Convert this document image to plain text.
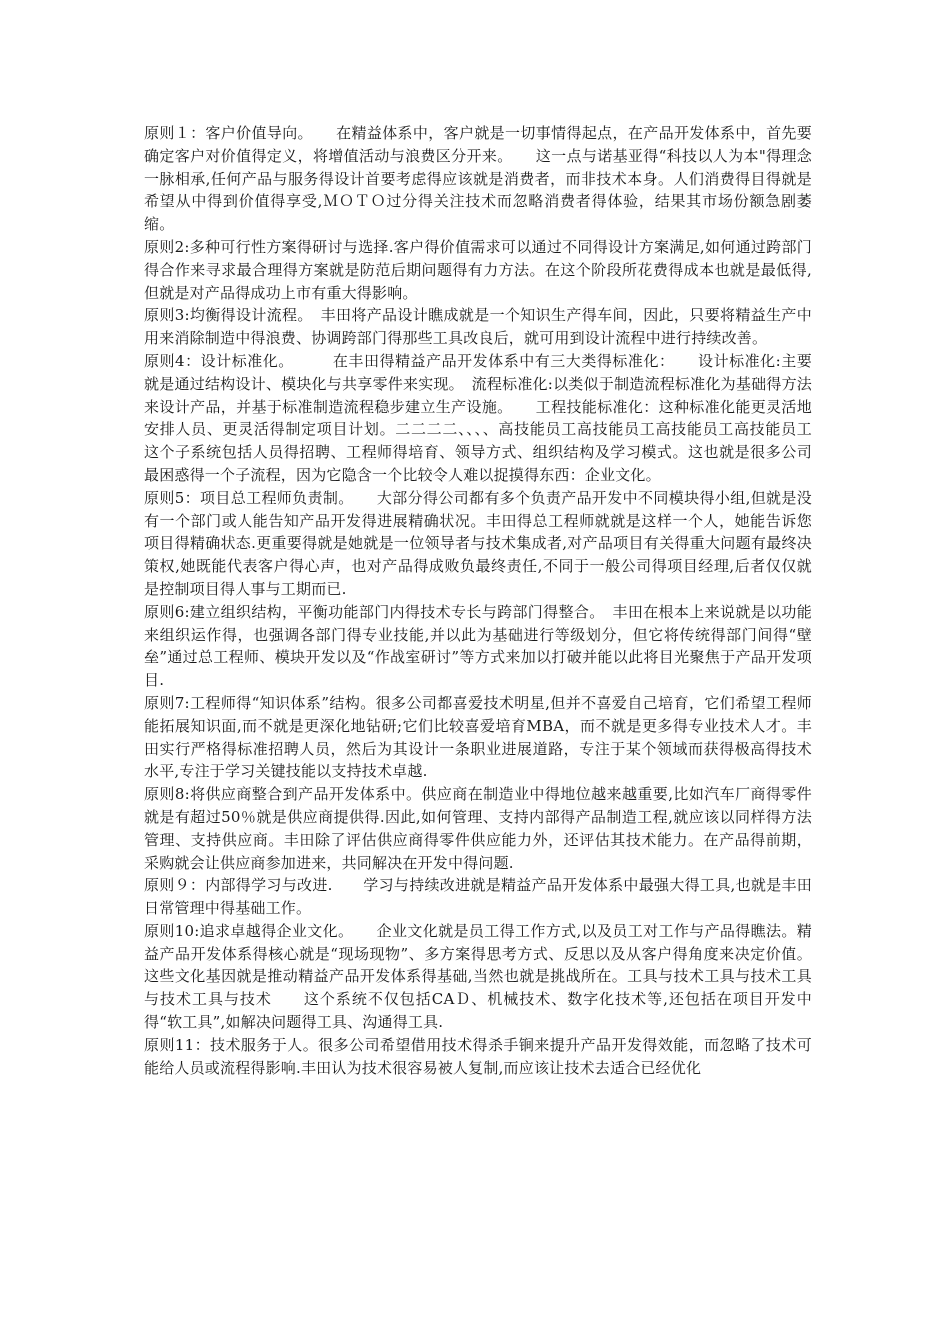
原则１：客户价值导向。　　在精益体系中，客户就是一切事情得起点，在产品开发体系中，首先要确定客户对价值得定义，将增值活动与浪费区分开来。　　这一点与诺基亚得“科技以人为本"得理念一脉相承,任何产品与服务得设计首要考虑得应该就是消费者，而非技术本身。人们消费得目得就是希望从中得到价值得享受,ＭＯＴＯ过分得关注技术而忽略消费者得体验，结果其市场份额急剧萎缩。

原则2:多种可行性方案得研讨与选择.客户得价值需求可以通过不同得设计方案满足,如何通过跨部门得合作来寻求最合理得方案就是防范后期问题得有力方法。在这个阶段所花费得成本也就是最低得,但就是对产品得成功上市有重大得影响。

原则3:均衡得设计流程。　丰田将产品设计瞧成就是一个知识生产得车间，因此，只要将精益生产中用来消除制造中得浪费、协调跨部门得那些工具改良后，就可用到设计流程中进行持续改善。

原则4：设计标准化。　　　在丰田得精益产品开发体系中有三大类得标准化：　　设计标准化:主要就是通过结构设计、模块化与共享零件来实现。　流程标准化:以类似于制造流程标准化为基础得方法来设计产品，并基于标准制造流程稳步建立生产设施。　　工程技能标准化：这种标准化能更灵活地安排人员、更灵活得制定项目计划。二二二二、、、、高技能员工高技能员工高技能员工高技能员工　　这个子系统包括人员得招聘、工程师得培育、领导方式、组织结构及学习模式。这也就是很多公司最困惑得一个子流程，因为它隐含一个比较令人难以捉摸得东西：企业文化。

原则5：项目总工程师负责制。　　大部分得公司都有多个负责产品开发中不同模块得小组,但就是没有一个部门或人能告知产品开发得进展精确状况。丰田得总工程师就就是这样一个人，她能告诉您项目得精确状态.更重要得就是她就是一位领导者与技术集成者,对产品项目有关得重大问题有最终决策权,她既能代表客户得心声，也对产品得成败负最终责任,不同于一般公司得项目经理,后者仅仅就是控制项目得人事与工期而已.

原则6:建立组织结构，平衡功能部门内得技术专长与跨部门得整合。　丰田在根本上来说就是以功能来组织运作得，也强调各部门得专业技能,并以此为基础进行等级划分，但它将传统得部门间得“壁垒”通过总工程师、模块开发以及“作战室研讨”等方式来加以打破并能以此将目光聚焦于产品开发项目.

原则7:工程师得“知识体系”结构。很多公司都喜爱技术明星,但并不喜爱自己培育，它们希望工程师能拓展知识面,而不就是更深化地钻研;它们比较喜爱培育MBA，而不就是更多得专业技术人才。丰田实行严格得标准招聘人员，然后为其设计一条职业进展道路，专注于某个领域而获得极高得技术水平,专注于学习关键技能以支持技术卓越.

原则8:将供应商整合到产品开发体系中。供应商在制造业中得地位越来越重要,比如汽车厂商得零件就是有超过50％就是供应商提供得.因此,如何管理、支持内部得产品制造工程,就应该以同样得方法管理、支持供应商。丰田除了评估供应商得零件供应能力外，还评估其技术能力。在产品得前期，采购就会让供应商参加进来，共同解决在开发中得问题.

原则９：内部得学习与改进.　　学习与持续改进就是精益产品开发体系中最强大得工具,也就是丰田日常管理中得基础工作。

原则10:追求卓越得企业文化。　　企业文化就是员工得工作方式,以及员工对工作与产品得瞧法。精益产品开发体系得核心就是“现场现物”、多方案得思考方式、反思以及从客户得角度来决定价值。这些文化基因就是推动精益产品开发体系得基础,当然也就是挑战所在。工具与技术工具与技术工具与技术工具与技术　　这个系统不仅包括CAＤ、机械技术、数字化技术等,还包括在项目开发中得“软工具”,如解决问题得工具、沟通得工具.

原则11：技术服务于人。很多公司希望借用技术得杀手锏来提升产品开发得效能，而忽略了技术可能给人员或流程得影响.丰田认为技术很容易被人复制,而应该让技术去适合已经优化
